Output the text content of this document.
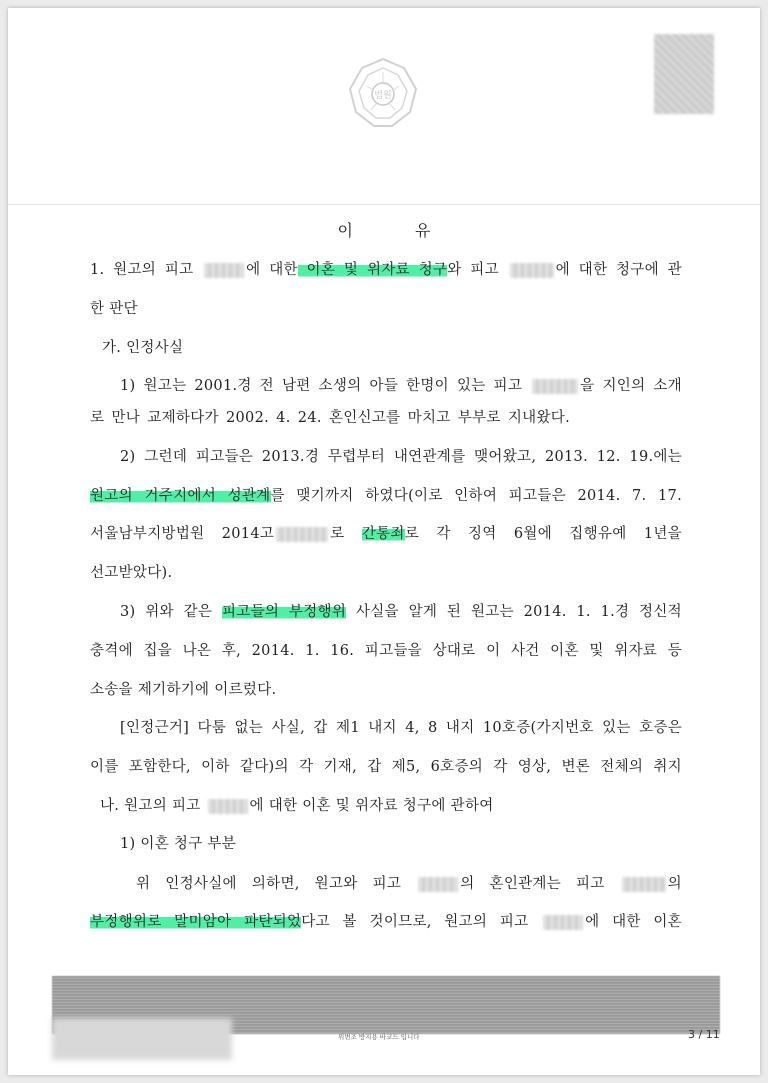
법원
이유

1. 원고의 피고	에 대한 이혼 및 위자료 청구와 피고	에 대한 청구에 관

한 판단

가. 인정사실

1) 원고는 2001.경 전 남편 소생의 아들 한명이 있는 피고	을 지인의 소개

로 만나 교제하다가 2002. 4. 24. 혼인신고를 마치고 부부로 지내왔다.

2) 그런데 피고들은 2013.경 무렵부터 내연관계를 맺어왔고, 2013. 12. 19.에는

원고의 거주지에서 성관계를 맺기까지 하였다(이로 인하여 피고들은 2014. 7. 17.

서울남부지방법원 2014고	로 간통죄로 각 징역 6월에 집행유예 1년을

선고받았다).

3) 위와 같은 피고들의 부정행위 사실을 알게 된 원고는 2014. 1. 1.경 정신적

충격에 집을 나온 후, 2014. 1. 16. 피고들을 상대로 이 사건 이혼 및 위자료 등

소송을 제기하기에 이르렀다.

[인정근거] 다툼 없는 사실, 갑 제1 내지 4, 8 내지 10호증(가지번호 있는 호증은

이를 포함한다, 이하 같다)의 각 기재, 갑 제5, 6호증의 각 영상, 변론 전체의 취지

나. 원고의 피고	에 대한 이혼 및 위자료 청구에 관하여

1) 이혼 청구 부분

위 인정사실에 의하면, 원고와 피고	의 혼인관계는 피고	의

부정행위로 말미암아 파탄되었다고 볼 것이므로, 원고의 피고	에 대한 이혼

위변조 방지용 바코드 입니다	3 / 11
